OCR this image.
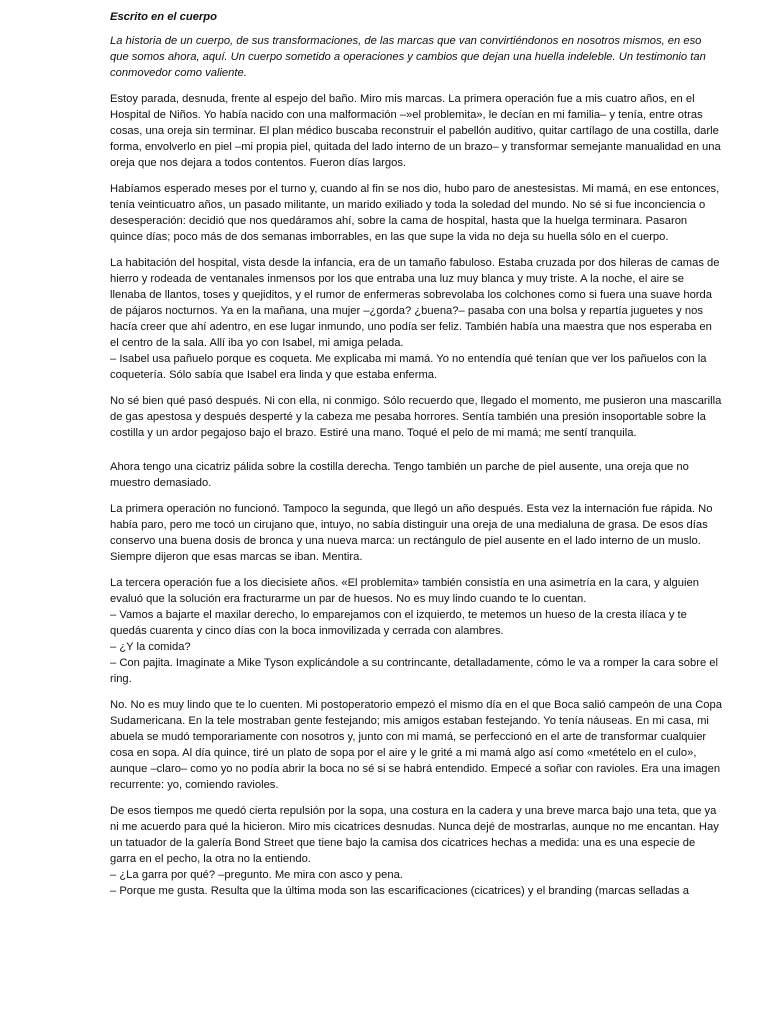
Escrito en el cuerpo
La historia de un cuerpo, de sus transformaciones, de las marcas que van convirtiéndonos en nosotros mismos, en eso que somos ahora, aquí. Un cuerpo sometido a operaciones y cambios que dejan una huella indeleble. Un testimonio tan conmovedor como valiente.
Estoy parada, desnuda, frente al espejo del baño. Miro mis marcas. La primera operación fue a mis cuatro años, en el Hospital de Niños. Yo había nacido con una malformación –»el problemita», le decían en mi familia– y tenía, entre otras cosas, una oreja sin terminar. El plan médico buscaba reconstruir el pabellón auditivo, quitar cartílago de una costilla, darle forma, envolverlo en piel –mi propia piel, quitada del lado interno de un brazo– y transformar semejante manualidad en una oreja que nos dejara a todos contentos. Fueron días largos.
Habíamos esperado meses por el turno y, cuando al fin se nos dio, hubo paro de anestesistas. Mi mamá, en ese entonces, tenía veinticuatro años, un pasado militante, un marido exiliado y toda la soledad del mundo. No sé si fue inconciencia o desesperación: decidió que nos quedáramos ahí, sobre la cama de hospital, hasta que la huelga terminara. Pasaron quince días; poco más de dos semanas imborrables, en las que supe la vida no deja su huella sólo en el cuerpo.
La habitación del hospital, vista desde la infancia, era de un tamaño fabuloso. Estaba cruzada por dos hileras de camas de hierro y rodeada de ventanales inmensos por los que entraba una luz muy blanca y muy triste. A la noche, el aire se llenaba de llantos, toses y quejiditos, y el rumor de enfermeras sobrevolaba los colchones como si fuera una suave horda de pájaros nocturnos. Ya en la mañana, una mujer –¿gorda? ¿buena?– pasaba con una bolsa y repartía juguetes y nos hacía creer que ahí adentro, en ese lugar inmundo, uno podía ser feliz. También había una maestra que nos esperaba en el centro de la sala. Allí iba yo con Isabel, mi amiga pelada.
– Isabel usa pañuelo porque es coqueta. Me explicaba mi mamá. Yo no entendía qué tenían que ver los pañuelos con la coquetería. Sólo sabía que Isabel era linda y que estaba enferma.
No sé bien qué pasó después. Ni con ella, ni conmigo. Sólo recuerdo que, llegado el momento, me pusieron una mascarilla de gas apestosa y después desperté y la cabeza me pesaba horrores. Sentía también una presión insoportable sobre la costilla y un ardor pegajoso bajo el brazo. Estiré una mano. Toqué el pelo de mi mamá; me sentí tranquila.
Ahora tengo una cicatriz pálida sobre la costilla derecha. Tengo también un parche de piel ausente, una oreja que no muestro demasiado.
La primera operación no funcionó. Tampoco la segunda, que llegó un año después. Esta vez la internación fue rápida. No había paro, pero me tocó un cirujano que, intuyo, no sabía distinguir una oreja de una medialuna de grasa. De esos días conservo una buena dosis de bronca y una nueva marca: un rectángulo de piel ausente en el lado interno de un muslo. Siempre dijeron que esas marcas se iban. Mentira.
La tercera operación fue a los diecisiete años. «El problemita» también consistía en una asimetría en la cara, y alguien evaluó que la solución era fracturarme un par de huesos. No es muy lindo cuando te lo cuentan.
– Vamos a bajarte el maxilar derecho, lo emparejamos con el izquierdo, te metemos un hueso de la cresta ilíaca y te quedás cuarenta y cinco días con la boca inmovilizada y cerrada con alambres.
– ¿Y la comida?
– Con pajita. Imaginate a Mike Tyson explicándole a su contrincante, detalladamente, cómo le va a romper la cara sobre el ring.
No. No es muy lindo que te lo cuenten. Mi postoperatorio empezó el mismo día en el que Boca salió campeón de una Copa Sudamericana. En la tele mostraban gente festejando; mis amigos estaban festejando. Yo tenía náuseas. En mi casa, mi abuela se mudó temporariamente con nosotros y, junto con mi mamá, se perfeccionó en el arte de transformar cualquier cosa en sopa. Al día quince, tiré un plato de sopa por el aire y le grité a mi mamá algo así como «metételo en el culo», aunque –claro– como yo no podía abrir la boca no sé si se habrá entendido. Empecé a soñar con ravioles. Era una imagen recurrente: yo, comiendo ravioles.
De esos tiempos me quedó cierta repulsión por la sopa, una costura en la cadera y una breve marca bajo una teta, que ya ni me acuerdo para qué la hicieron. Miro mis cicatrices desnudas. Nunca dejé de mostrarlas, aunque no me encantan. Hay un tatuador de la galería Bond Street que tiene bajo la camisa dos cicatrices hechas a medida: una es una especie de garra en el pecho, la otra no la entiendo.
– ¿La garra por qué? –pregunto. Me mira con asco y pena.
– Porque me gusta. Resulta que la última moda son las escarificaciones (cicatrices) y el branding (marcas selladas a
